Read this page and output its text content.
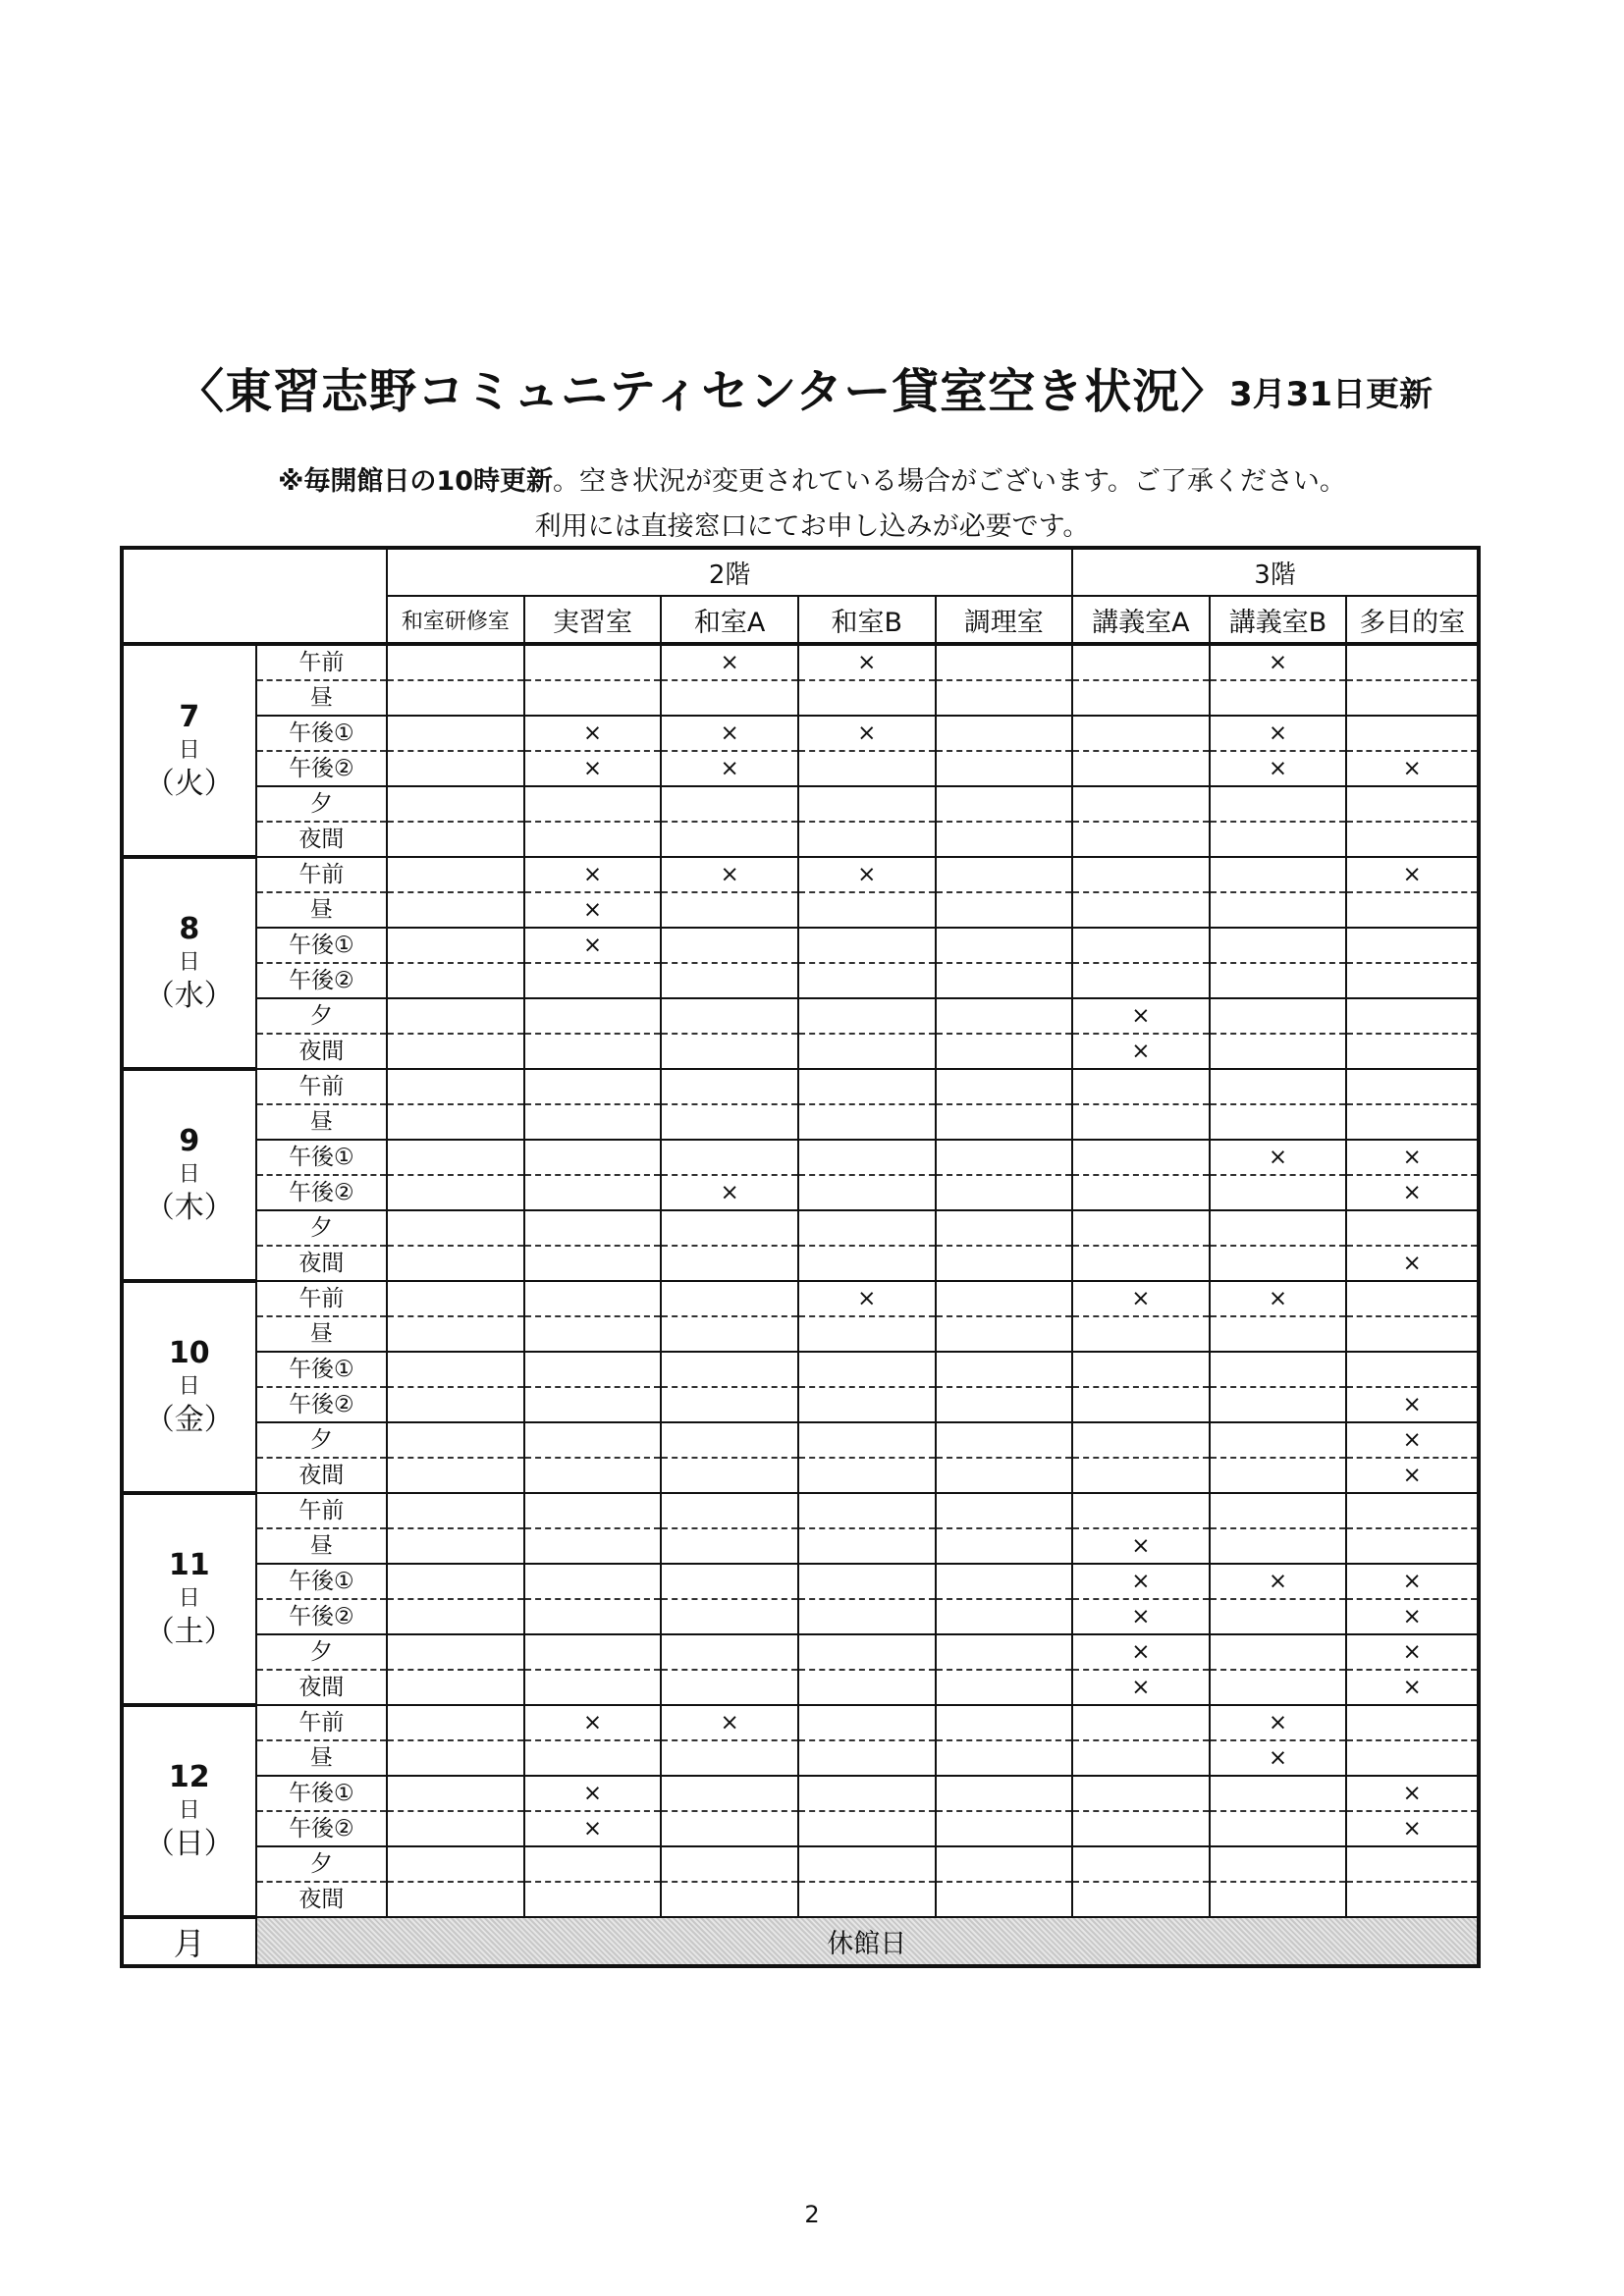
〈東習志野コミュニティセンター貸室空き状況〉 3月31日更新
※毎開館日の10時更新。空き状況が変更されている場合がございます。ご了承ください。
利用には直接窓口にてお申し込みが必要です。
		2階					3階		
		和室研修室	実習室	和室A	和室B	調理室	講義室A	講義室B	多目的室

7
日
（火）	午前			×	×			×	
	昼								
	午後①		×	×	×			×	
	午後②		×	×				×	×
	夕								
	夜間								

8
日
（水）	午前		×	×	×				×
	昼		×						
	午後①		×						
	午後②								
	夕						×		
	夜間						×		

9
日
（木）	午前								
	昼								
	午後①							×	×
	午後②			×					×
	夕								
	夜間								×

10
日
（金）	午前				×		×	×	
	昼								
	午後①								
	午後②								×
	夕								×
	夜間								×

11
日
（土）	午前								
	昼						×		
	午後①						×	×	×
	午後②						×		×
	夕						×		×
	夜間						×		×

12
日
（日）	午前		×	×				×	
	昼							×	
	午後①		×						×
	午後②		×						×
	夕								
	夜間								
月	休館日								
2
